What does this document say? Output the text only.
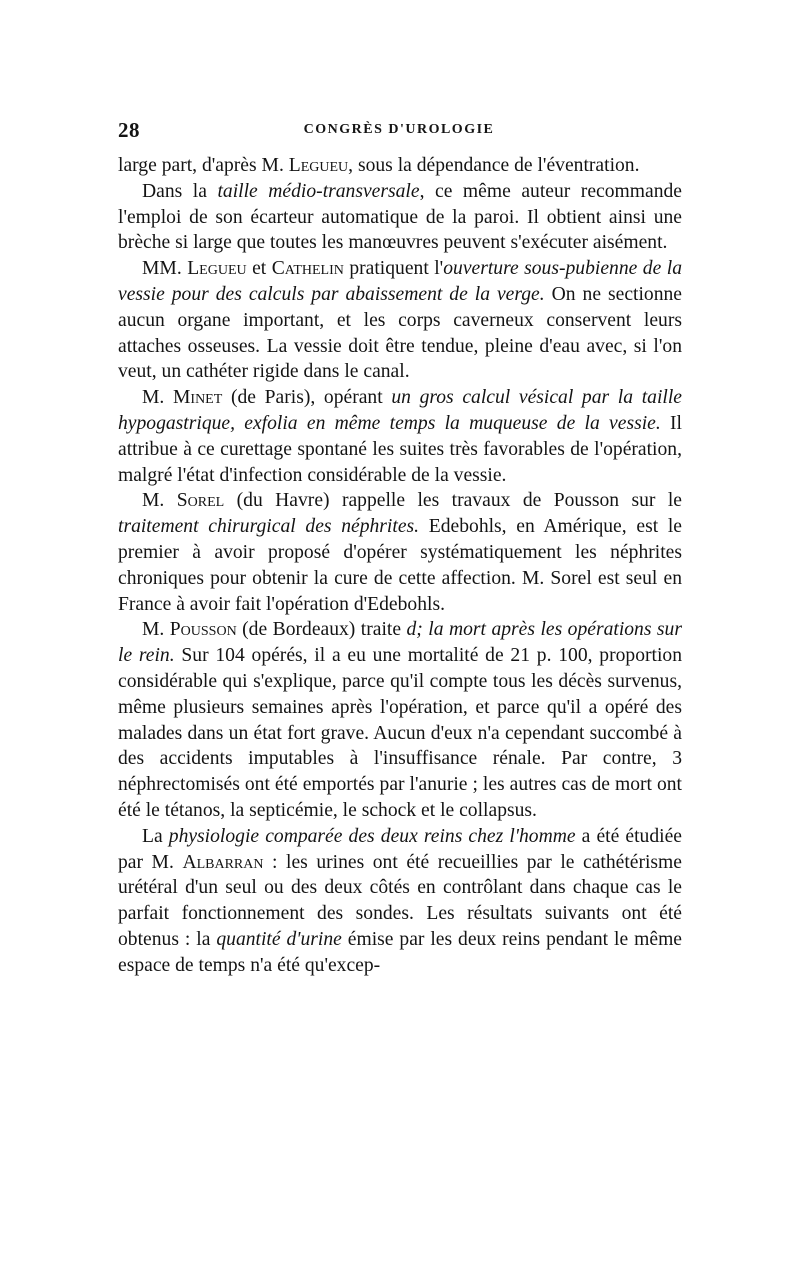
28	CONGRÈS D'UROLOGIE

large part, d'après M. Legueu, sous la dépendance de l'éventration.

Dans la taille médio-transversale, ce même auteur recommande l'emploi de son écarteur automatique de la paroi. Il obtient ainsi une brèche si large que toutes les manœuvres peuvent s'exécuter aisément.

MM. Legueu et Cathelin pratiquent l'ouverture sous-pubienne de la vessie pour des calculs par abaissement de la verge. On ne sectionne aucun organe important, et les corps caverneux conservent leurs attaches osseuses. La vessie doit être tendue, pleine d'eau avec, si l'on veut, un cathéter rigide dans le canal.

M. Minet (de Paris), opérant un gros calcul vésical par la taille hypogastrique, exfolia en même temps la muqueuse de la vessie. Il attribue à ce curettage spontané les suites très favorables de l'opération, malgré l'état d'infection considérable de la vessie.

M. Sorel (du Havre) rappelle les travaux de Pousson sur le traitement chirurgical des néphrites. Edebohls, en Amérique, est le premier à avoir proposé d'opérer systématiquement les néphrites chroniques pour obtenir la cure de cette affection. M. Sorel est seul en France à avoir fait l'opération d'Edebohls.

M. Pousson (de Bordeaux) traite d; la mort après les opérations sur le rein. Sur 104 opérés, il a eu une mortalité de 21 p. 100, proportion considérable qui s'explique, parce qu'il compte tous les décès survenus, même plusieurs semaines après l'opération, et parce qu'il a opéré des malades dans un état fort grave. Aucun d'eux n'a cependant succombé à des accidents imputables à l'insuffisance rénale. Par contre, 3 néphrectomisés ont été emportés par l'anurie ; les autres cas de mort ont été le tétanos, la septicémie, le schock et le collapsus.

La physiologie comparée des deux reins chez l'homme a été étudiée par M. Albarran : les urines ont été recueillies par le cathétérisme urétéral d'un seul ou des deux côtés en contrôlant dans chaque cas le parfait fonctionnement des sondes. Les résultats suivants ont été obtenus : la quantité d'urine émise par les deux reins pendant le même espace de temps n'a été qu'excep-
